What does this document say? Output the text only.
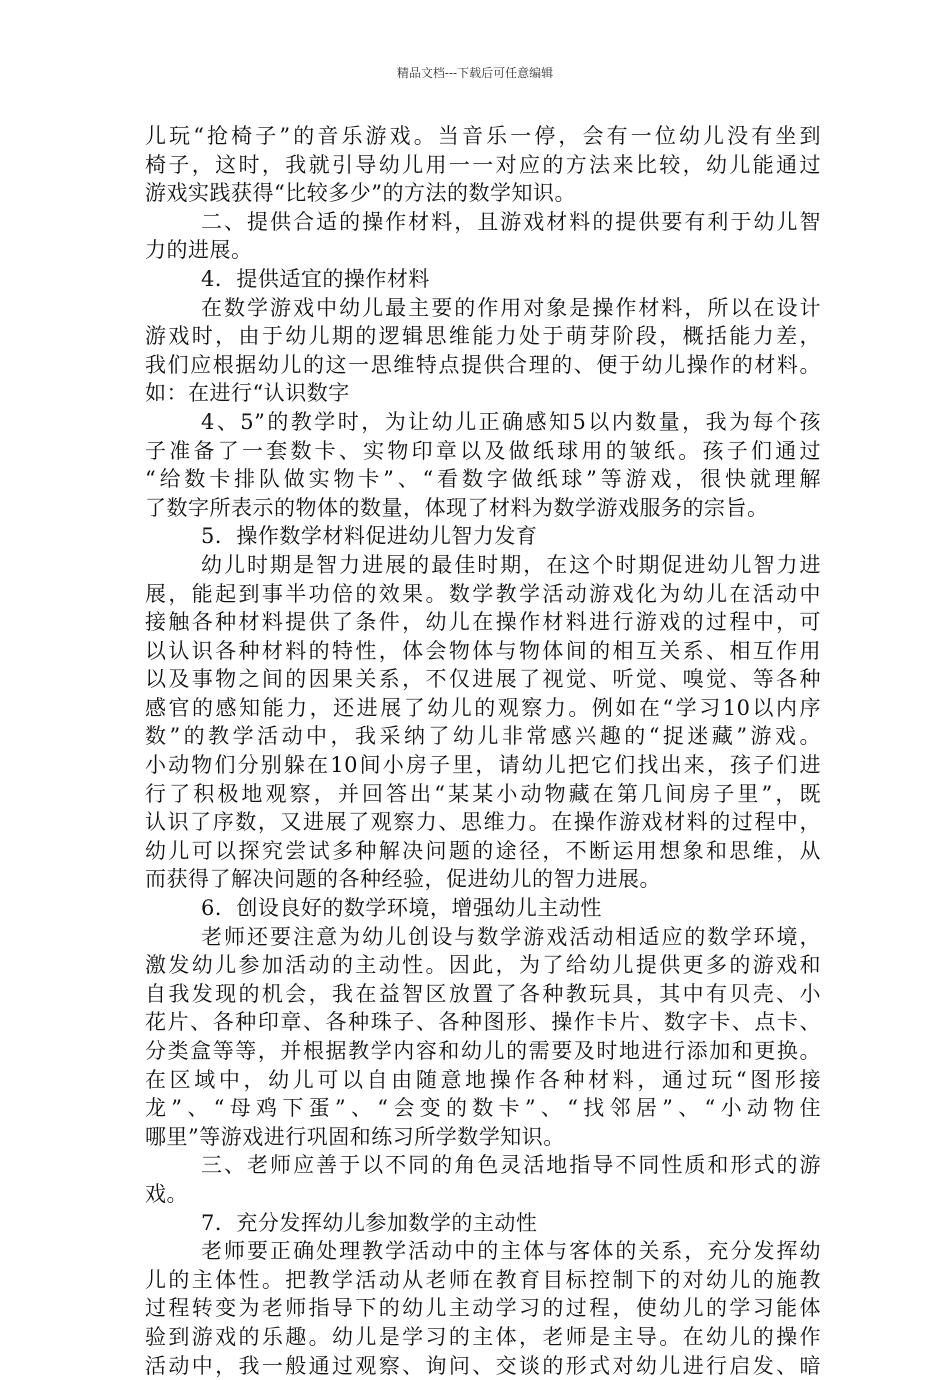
精品文档---下载后可任意编辑
儿玩“抢椅子”的音乐游戏。当音乐一停，会有一位幼儿没有坐到
椅子，这时，我就引导幼儿用一一对应的方法来比较，幼儿能通过
游戏实践获得“比较多少”的方法的数学知识。
二、提供合适的操作材料，且游戏材料的提供要有利于幼儿智
力的进展。
4．提供适宜的操作材料
在数学游戏中幼儿最主要的作用对象是操作材料，所以在设计
游戏时，由于幼儿期的逻辑思维能力处于萌芽阶段，概括能力差，
我们应根据幼儿的这一思维特点提供合理的、便于幼儿操作的材料。
如：在进行“认识数字
4、5”的教学时，为让幼儿正确感知5以内数量，我为每个孩
子准备了一套数卡、实物印章以及做纸球用的皱纸。孩子们通过
“给数卡排队做实物卡”、“看数字做纸球”等游戏，很快就理解
了数字所表示的物体的数量，体现了材料为数学游戏服务的宗旨。
5．操作数学材料促进幼儿智力发育
幼儿时期是智力进展的最佳时期，在这个时期促进幼儿智力进
展，能起到事半功倍的效果。数学教学活动游戏化为幼儿在活动中
接触各种材料提供了条件，幼儿在操作材料进行游戏的过程中，可
以认识各种材料的特性，体会物体与物体间的相互关系、相互作用
以及事物之间的因果关系，不仅进展了视觉、听觉、嗅觉、等各种
感官的感知能力，还进展了幼儿的观察力。例如在“学习10以内序
数”的教学活动中，我采纳了幼儿非常感兴趣的“捉迷藏”游戏。
小动物们分别躲在10间小房子里，请幼儿把它们找出来，孩子们进
行了积极地观察，并回答出“某某小动物藏在第几间房子里”，既
认识了序数，又进展了观察力、思维力。在操作游戏材料的过程中，
幼儿可以探究尝试多种解决问题的途径，不断运用想象和思维，从
而获得了解决问题的各种经验，促进幼儿的智力进展。
6．创设良好的数学环境，增强幼儿主动性
老师还要注意为幼儿创设与数学游戏活动相适应的数学环境，
激发幼儿参加活动的主动性。因此，为了给幼儿提供更多的游戏和
自我发现的机会，我在益智区放置了各种教玩具，其中有贝壳、小
花片、各种印章、各种珠子、各种图形、操作卡片、数字卡、点卡、
分类盒等等，并根据教学内容和幼儿的需要及时地进行添加和更换。
在区域中，幼儿可以自由随意地操作各种材料，通过玩“图形接
龙”、“母鸡下蛋”、“会变的数卡”、“找邻居”、“小动物住
哪里”等游戏进行巩固和练习所学数学知识。
三、老师应善于以不同的角色灵活地指导不同性质和形式的游
戏。
7．充分发挥幼儿参加数学的主动性
老师要正确处理教学活动中的主体与客体的关系，充分发挥幼
儿的主体性。把教学活动从老师在教育目标控制下的对幼儿的施教
过程转变为老师指导下的幼儿主动学习的过程，使幼儿的学习能体
验到游戏的乐趣。幼儿是学习的主体，老师是主导。在幼儿的操作
活动中，我一般通过观察、询问、交谈的形式对幼儿进行启发、暗
